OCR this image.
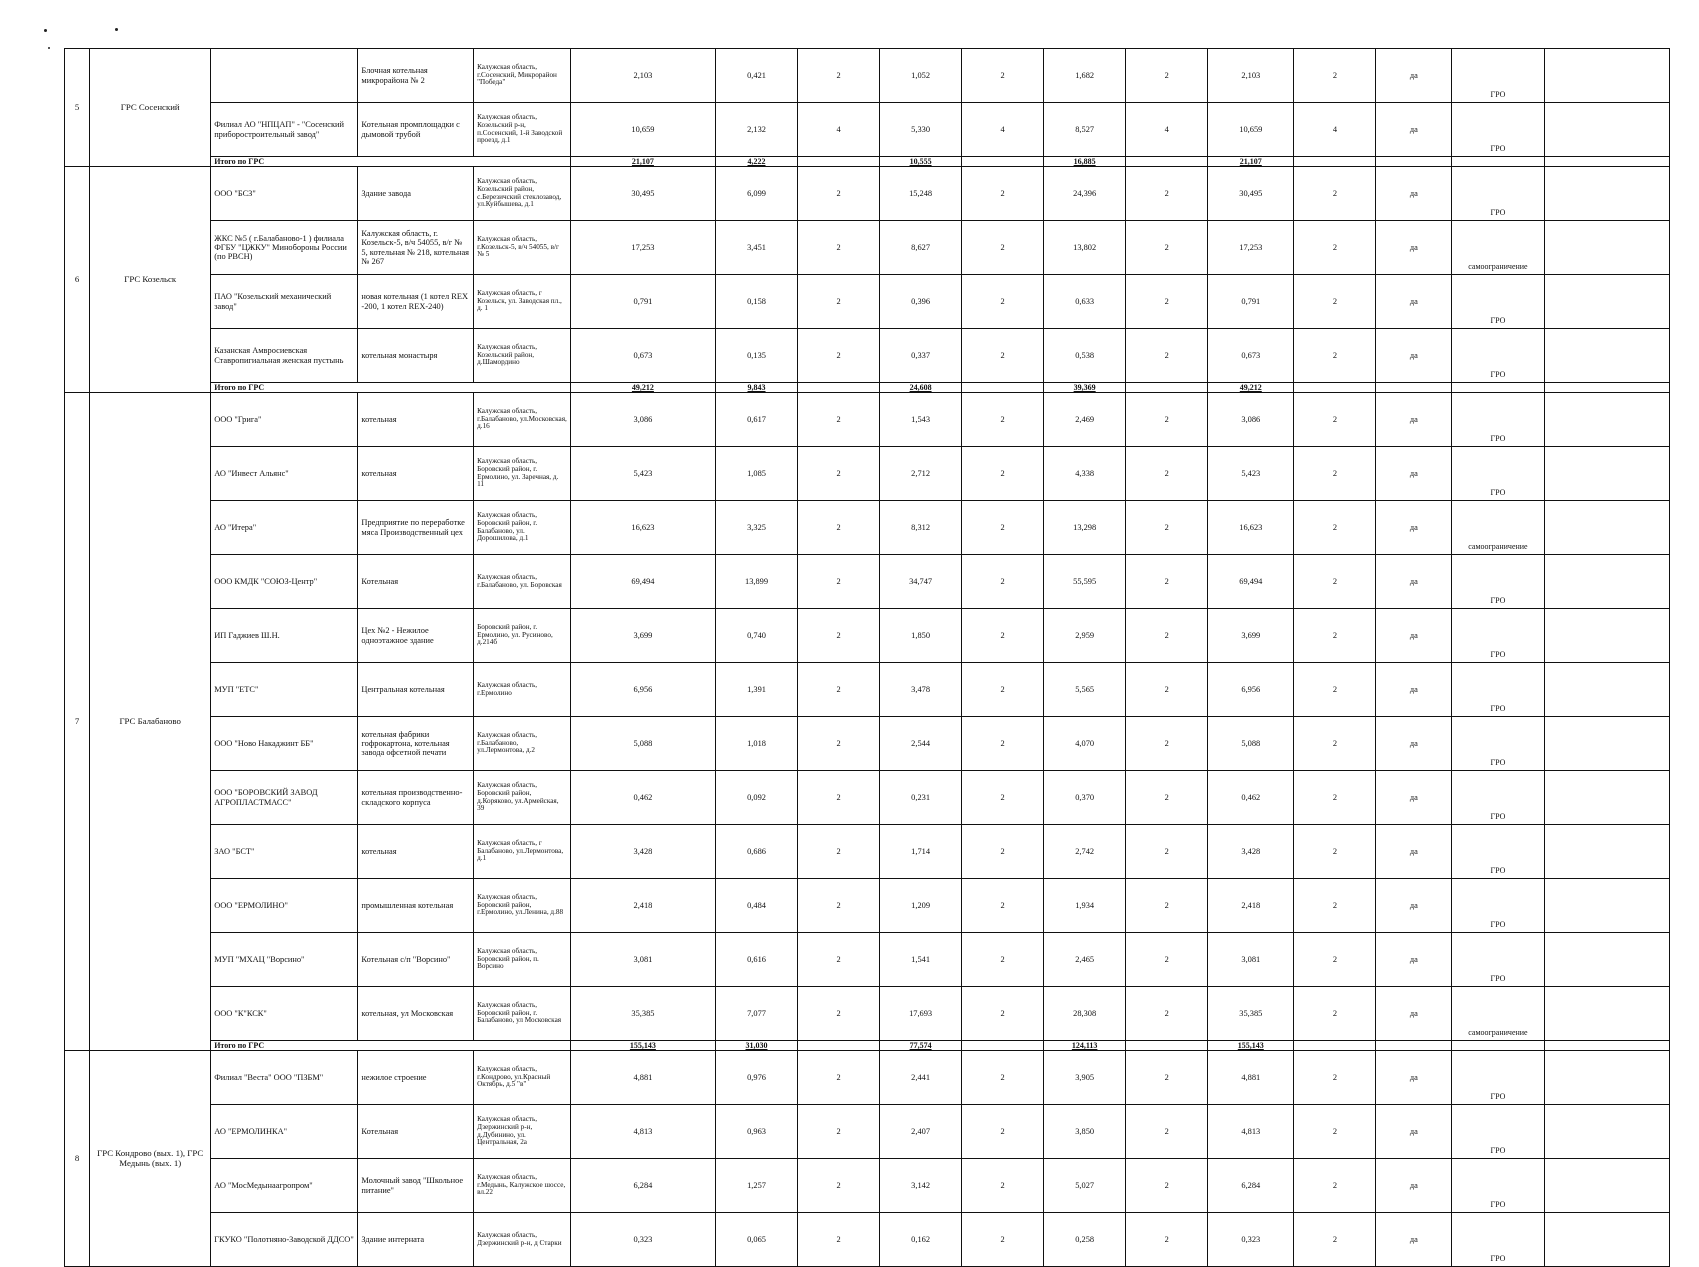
5	ГРС Сосенский		Блочная котельная микрорайона № 2	Калужская область, г.Сосенский, Микрорайон "Победа"	2,103	0,421	2	1,052	2	1,682	2	2,103	2	да	ГРО	
		Филиал АО "НПЦАП" - "Сосенский приборостроительный завод"	Котельная промплощадки с дымовой трубой	Калужская область, Козельский р-н, п.Сосенский, 1-й Заводской проезд, д.1	10,659	2,132	4	5,330	4	8,527	4	10,659	4	да	ГРО	
		Итого по ГРС			21,107	4,222		10,555		16,885		21,107				
6	ГРС Козельск	ООО "БСЗ"	Здание завода	Калужская область, Козельский район, с.Березичский стеклозавод, ул.Куйбышева, д.1	30,495	6,099	2	15,248	2	24,396	2	30,495	2	да	ГРО	
		ЖКС №5 ( г.Балабаново-1 ) филиала ФГБУ "ЦЖКУ" Минобороны России (по РВСН)	Калужская область, г. Козельск-5, в/ч 54055, в/г № 5, котельная № 218, котельная № 267	Калужская область, г.Козельск-5, в/ч 54055, в/г № 5	17,253	3,451	2	8,627	2	13,802	2	17,253	2	да	самоограничение	
		ПАО "Козельский механический завод"	новая котельная (1 котел REX -200, 1 котел REX-240)	Калужская область, г Козельск, ул. Заводская пл., д. 1	0,791	0,158	2	0,396	2	0,633	2	0,791	2	да	ГРО	
		Казанская Амвросиевская Ставропигиальная женская пустынь	котельная монастыря	Калужская область, Козельский район, д.Шамордино	0,673	0,135	2	0,337	2	0,538	2	0,673	2	да	ГРО	
		Итого по ГРС			49,212	9,843		24,608		39,369		49,212				
7	ГРС Балабаново	ООО "Грига"	котельная	Калужская область, г.Балабаново, ул.Московская, д.16	3,086	0,617	2	1,543	2	2,469	2	3,086	2	да	ГРО	
		АО "Инвест Альянс"	котельная	Калужская область, Боровский район, г. Ермолино, ул. Заречная, д. 11	5,423	1,085	2	2,712	2	4,338	2	5,423	2	да	ГРО	
		АО "Итера"	Предприятие по переработке мяса Производственный цех	Калужская область, Боровский район, г. Балабаново, ул. Дорошилова, д.1	16,623	3,325	2	8,312	2	13,298	2	16,623	2	да	самоограничение	
		ООО КМДК "СОЮЗ-Центр"	Котельная	Калужская область, г.Балабаново, ул. Боровская	69,494	13,899	2	34,747	2	55,595	2	69,494	2	да	ГРО	
		ИП Гаджиев Ш.Н.	Цех №2 - Нежилое одноэтажное здание	Боровский район, г. Ермолино, ул. Русиново, д.214б	3,699	0,740	2	1,850	2	2,959	2	3,699	2	да	ГРО	
		МУП "ЕТС"	Центральная котельная	Калужская область, г.Ермолино	6,956	1,391	2	3,478	2	5,565	2	6,956	2	да	ГРО	
		ООО "Ново Накаджинт ББ"	котельная фабрики гофрокартона, котельная завода офсетной печати	Калужская область, г.Балабаново, ул.Лермонтова, д.2	5,088	1,018	2	2,544	2	4,070	2	5,088	2	да	ГРО	
		ООО "БОРОВСКИЙ ЗАВОД АГРОПЛАСТМАСС"	котельная производственно-складского корпуса	Калужская область, Боровский район, д.Коряково, ул.Армейская, 39	0,462	0,092	2	0,231	2	0,370	2	0,462	2	да	ГРО	
		ЗАО "БСТ"	котельная	Калужская область, г Балабаново, ул.Лермонтова, д.1	3,428	0,686	2	1,714	2	2,742	2	3,428	2	да	ГРО	
		ООО "ЕРМОЛИНО"	промышленная котельная	Калужская область, Боровский район, г.Ермолино, ул.Ленина, д.88	2,418	0,484	2	1,209	2	1,934	2	2,418	2	да	ГРО	
		МУП "МХАЦ "Ворсино"	Котельная с/п "Ворсино"	Калужская область, Боровский район, п. Ворсино	3,081	0,616	2	1,541	2	2,465	2	3,081	2	да	ГРО	
		ООО "К"КСК"	котельная, ул Московская	Калужская область, Боровский район, г. Балабаново, ул Московская	35,385	7,077	2	17,693	2	28,308	2	35,385	2	да	самоограничение	
		Итого по ГРС			155,143	31,030		77,574		124,113		155,143				
8	ГРС Кондрово (вых. 1), ГРС Медынь (вых. 1)	Филиал "Веста" ООО "ПЗБМ"	нежилое строение	Калужская область, г.Кондрово, ул.Красный Октябрь, д.5 "в"	4,881	0,976	2	2,441	2	3,905	2	4,881	2	да	ГРО	
		АО "ЕРМОЛИНКА"	Котельная	Калужская область, Дзержинский р-н, д.Дубинино, ул. Центральная, 2а	4,813	0,963	2	2,407	2	3,850	2	4,813	2	да	ГРО	
		АО "МосМедынаагропром"	Молочный завод "Школьное питание"	Калужская область, г.Медынь, Калужское шоссе, вл.22	6,284	1,257	2	3,142	2	5,027	2	6,284	2	да	ГРО	
		ГКУКО "Полотняно-Заводской ДДСО"	Здание интерната	Калужская область, Дзержинский р-н, д Старки	0,323	0,065	2	0,162	2	0,258	2	0,323	2	да	ГРО	
